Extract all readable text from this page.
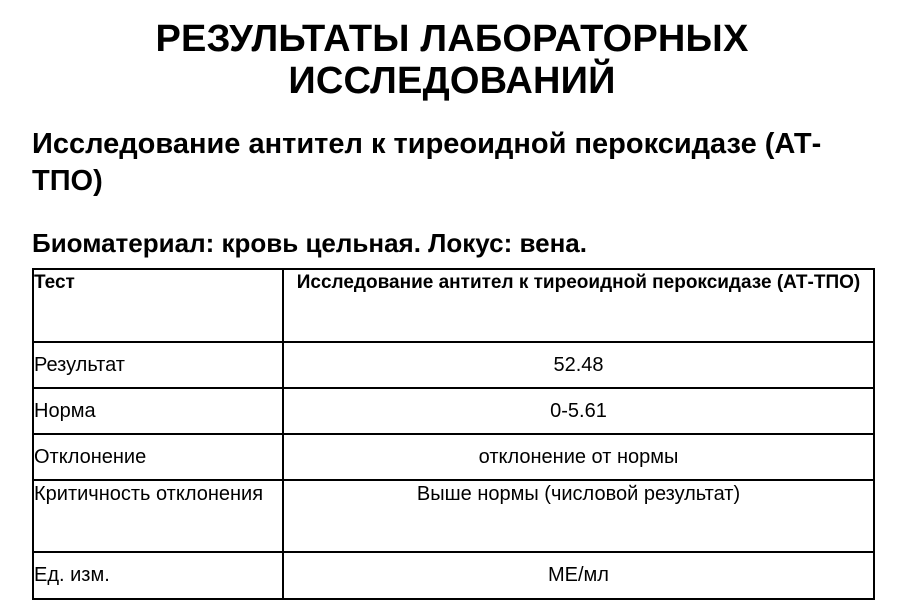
РЕЗУЛЬТАТЫ ЛАБОРАТОРНЫХ ИССЛЕДОВАНИЙ
Исследование антител к тиреоидной пероксидазе (АТ-ТПО)
Биоматериал: кровь цельная. Локус: вена.
Тест	Исследование антител к тиреоидной пероксидазе (АТ-ТПО)
Результат	52.48
Норма	0-5.61
Отклонение	отклонение от нормы
Критичность отклонения	Выше нормы (числовой результат)
Ед. изм.	МЕ/мл
